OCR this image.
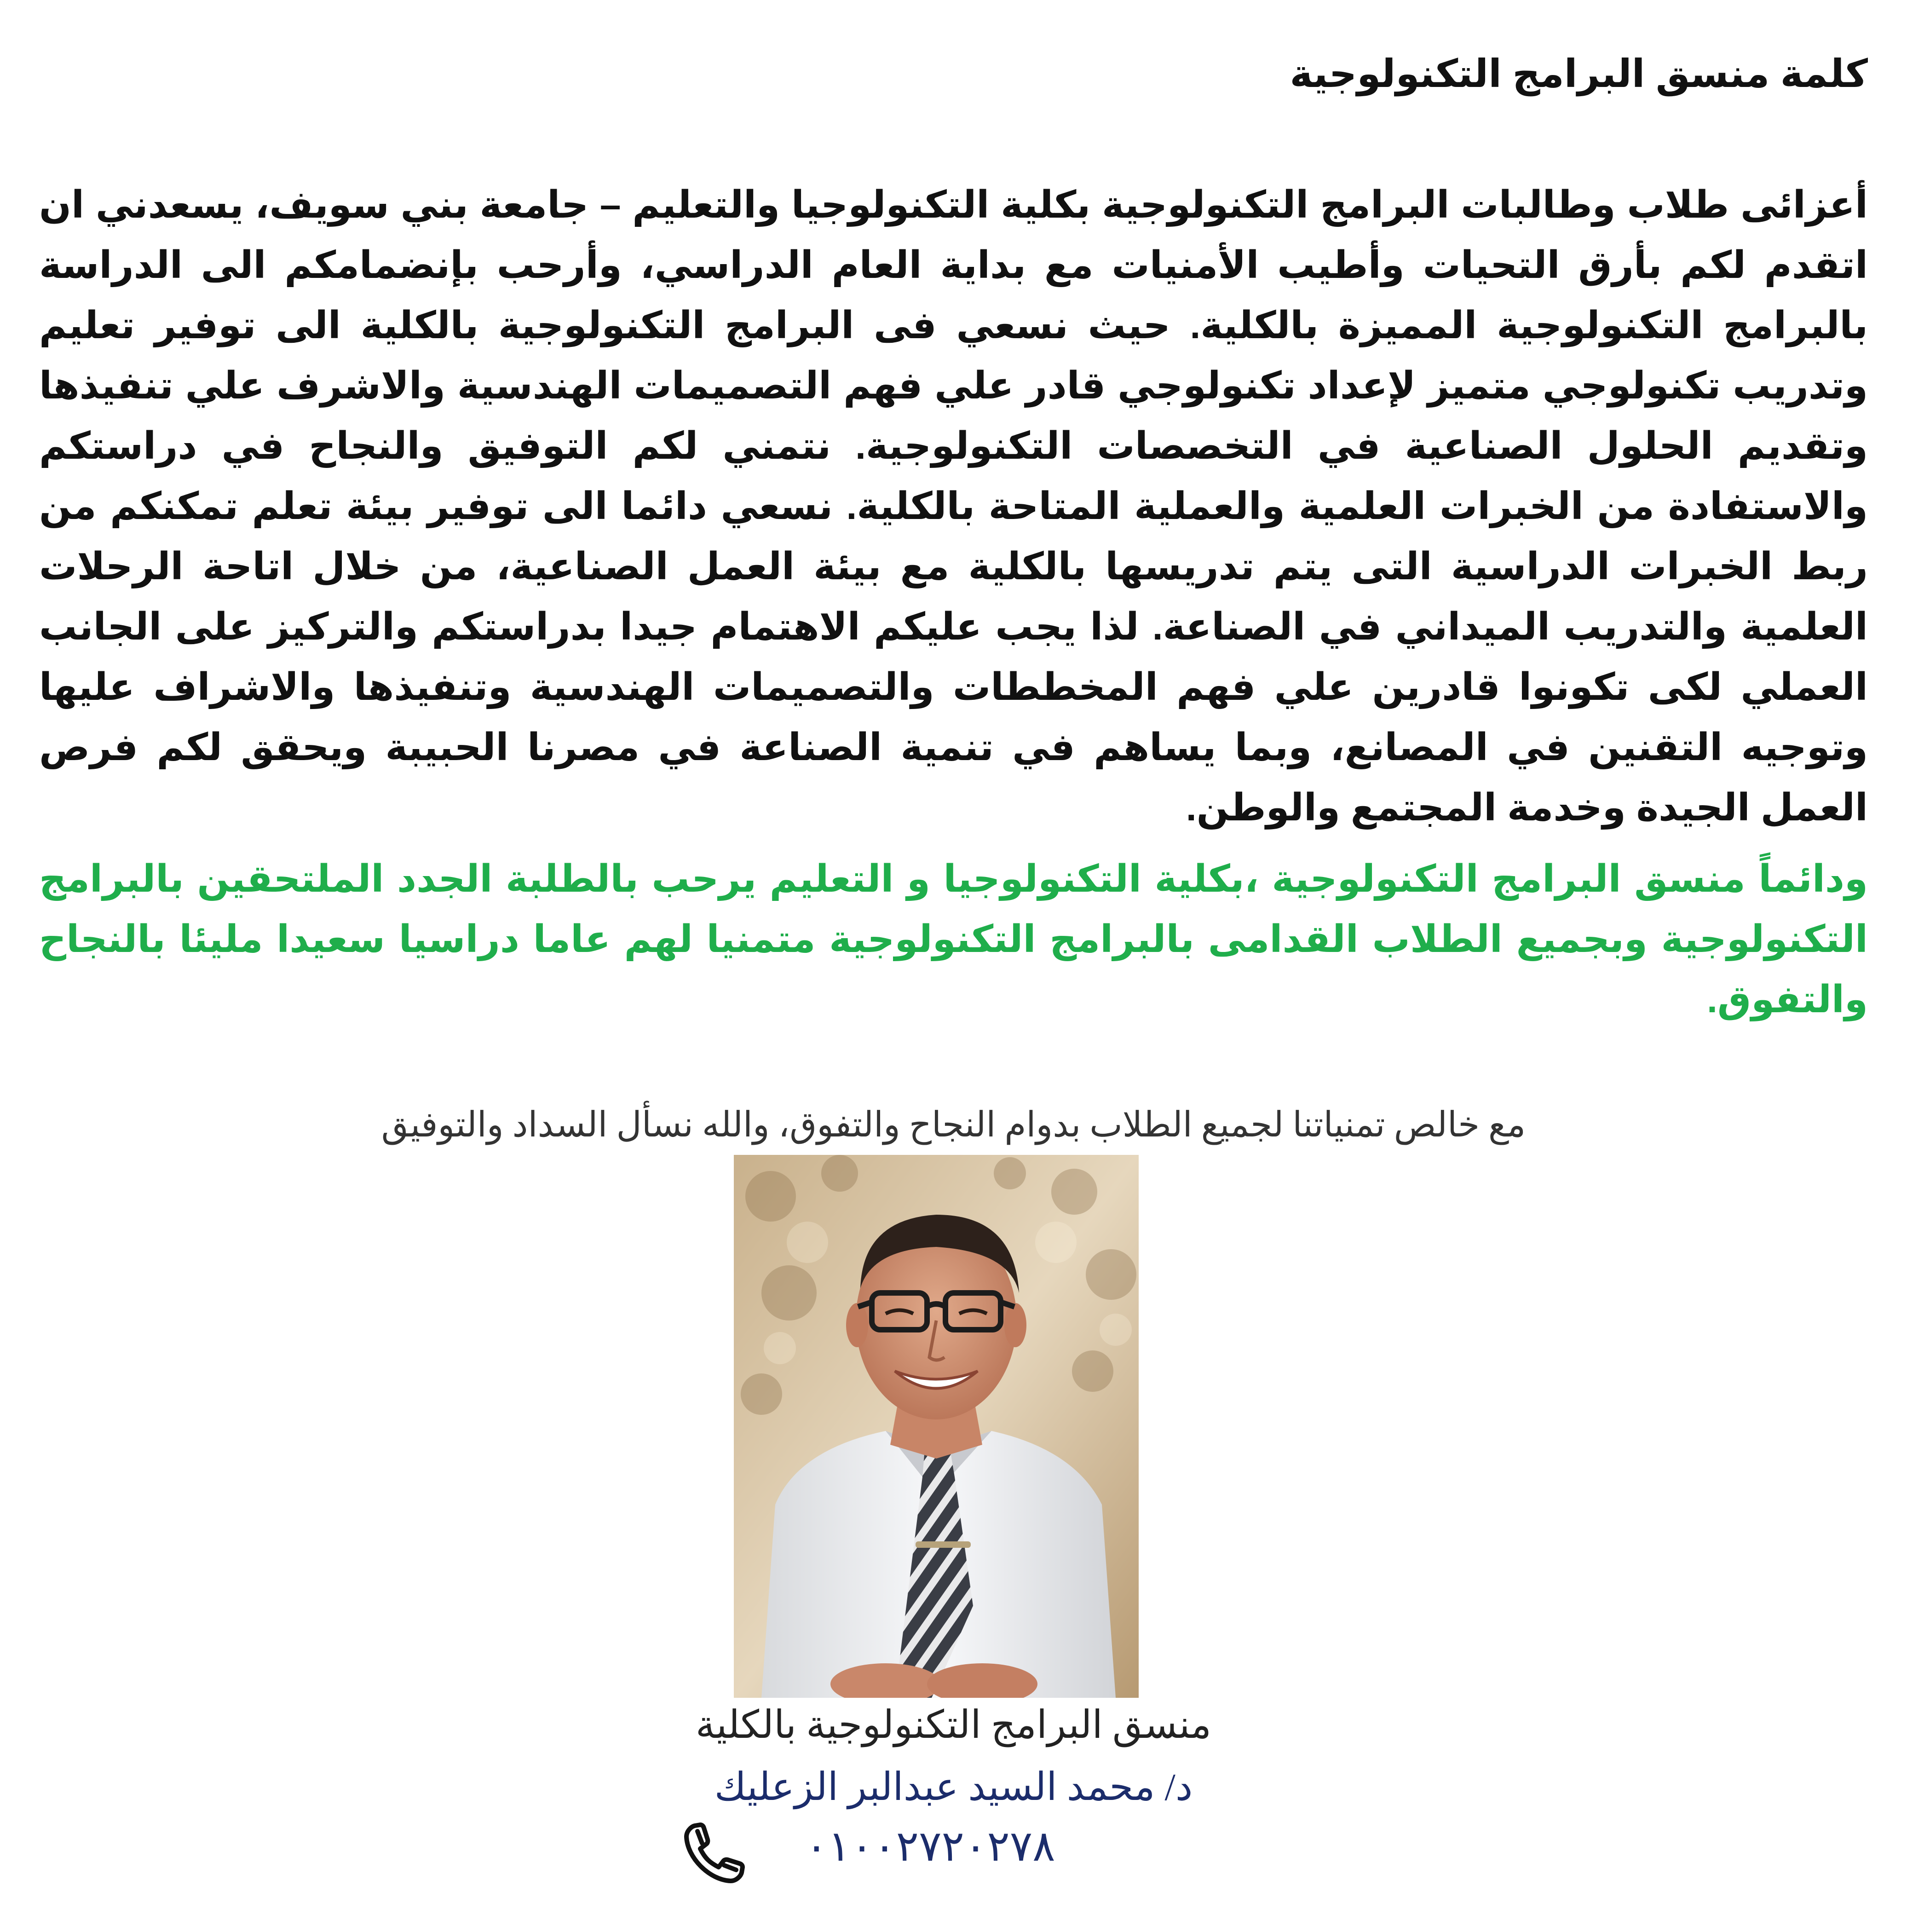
كلمة منسق البرامج التكنولوجية

أعزائى طلاب وطالبات البرامج التكنولوجية بكلية التكنولوجيا والتعليم – جامعة بني سويف، يسعدني ان اتقدم لكم بأرق التحيات وأطيب الأمنيات مع بداية العام الدراسي، وأرحب بإنضمامكم الى الدراسة بالبرامج التكنولوجية المميزة بالكلية. حيث نسعي فى البرامج التكنولوجية بالكلية الى توفير تعليم وتدريب تكنولوجي متميز لإعداد تكنولوجي قادر علي فهم التصميمات الهندسية والاشرف علي تنفيذها وتقديم الحلول الصناعية في التخصصات التكنولوجية. نتمني لكم التوفيق والنجاح في دراستكم والاستفادة من الخبرات العلمية والعملية المتاحة بالكلية. نسعي دائما الى توفير بيئة تعلم تمكنكم من ربط الخبرات الدراسية التى يتم تدريسها بالكلية مع بيئة العمل الصناعية، من خلال اتاحة الرحلات العلمية والتدريب الميداني في الصناعة. لذا يجب عليكم الاهتمام جيدا بدراستكم والتركيز على الجانب العملي لكى تكونوا قادرين علي فهم المخططات والتصميمات الهندسية وتنفيذها والاشراف عليها وتوجيه التقنين في المصانع، وبما يساهم في تنمية الصناعة في مصرنا الحبيبة ويحقق لكم فرص العمل الجيدة وخدمة المجتمع والوطن.

ودائماً منسق البرامج التكنولوجية ،بكلية التكنولوجيا و التعليم يرحب بالطلبة الجدد الملتحقين بالبرامج التكنولوجية وبجميع الطلاب القدامى بالبرامج التكنولوجية متمنيا لهم عاما دراسيا سعيدا مليئا بالنجاح والتفوق.

مع خالص تمنياتنا لجميع الطلاب بدوام النجاح والتفوق، والله نسأل السداد والتوفيق

منسق البرامج التكنولوجية بالكلية

د/ محمد السيد عبدالبر الزعليك

٠١٠٠٢٧٢٠٢٧٨
